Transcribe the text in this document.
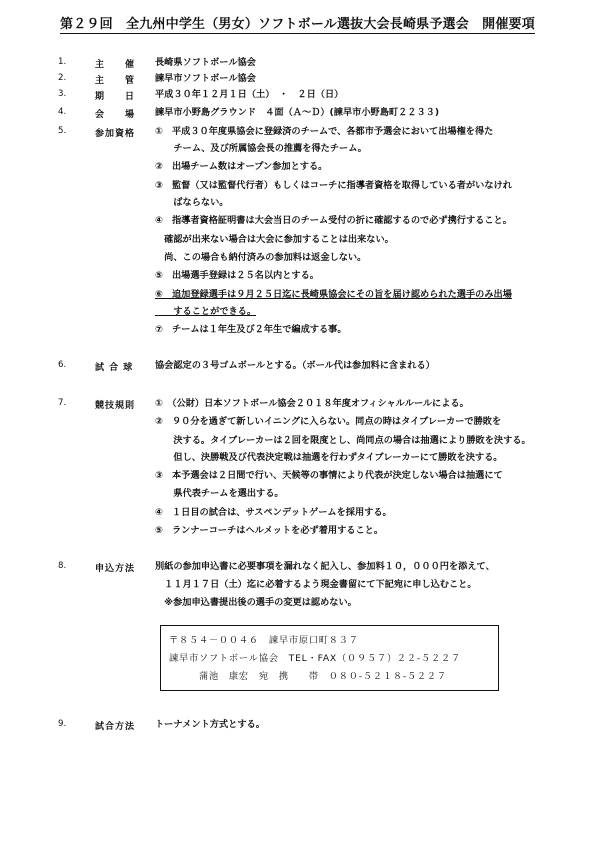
第２９回　全九州中学生（男女）ソフトボール選抜大会長崎県予選会　開催要項
1.	主　　催 長崎県ソフトボール協会
2.	主　　管 諫早市ソフトボール協会
3.	期　　日 平成３０年１２月１日（土）　・　２日（日）
4.	会　　場 諫早市小野島グラウンド　４面（Ａ～Ｄ）(諫早市小野島町２２３３)
5.	参加資格 ①　平成３０年度県協会に登録済のチームで、各都市予選会において出場権を得た
　　チーム、及び所属協会長の推薦を得たチーム。
②　出場チーム数はオープン参加とする。
③　監督（又は監督代行者）もしくはコーチに指導者資格を取得している者がいなけれ
　　ばならない。
④　指導者資格証明書は大会当日のチーム受付の折に確認するので必ず携行すること。
　確認が出来ない場合は大会に参加することは出来ない。
　尚、この場合も納付済みの参加料は返金しない。
⑤　出場選手登録は２５名以内とする。
⑥　追加登録選手は９月２５日迄に長崎県協会にその旨を届け認められた選手のみ出場
　　することができる。
⑦　チームは１年生及び２年生で編成する事。
6.	試 合 球 協会認定の３号ゴムボールとする。（ボール代は参加料に含まれる）
7.	競技規則 ①　（公財）日本ソフトボール協会２０１８年度オフィシャルルールによる。
②　９０分を過ぎて新しいイニングに入らない。同点の時はタイブレーカーで勝敗を
　　決する。タイブレーカーは２回を限度とし、尚同点の場合は抽選により勝敗を決する。
　　但し、決勝戦及び代表決定戦は抽選を行わずタイブレーカーにて勝敗を決する。
③　本予選会は２日間で行い、天候等の事情により代表が決定しない場合は抽選にて
　　県代表チームを選出する。
④　１日目の試合は、サスペンデットゲームを採用する。
⑤　ランナーコーチはヘルメットを必ず着用すること。
8.	申込方法 別紙の参加申込書に必要事項を漏れなく記入し、参加料１０，０００円を添えて、
　１１月１７日（土）迄に必着するよう現金書留にて下記宛に申し込むこと。
　※参加申込書提出後の選手の変更は認めない。
〒８５４－００４６　諫早市原口町８３７
諫早市ソフトボール協会　TEL・FAX（０９５７）２２-５２２７
　　　蒲池　康宏　宛　携　　帯　０８０-５２１８-５２２７
9.	試合方法 トーナメント方式とする。
